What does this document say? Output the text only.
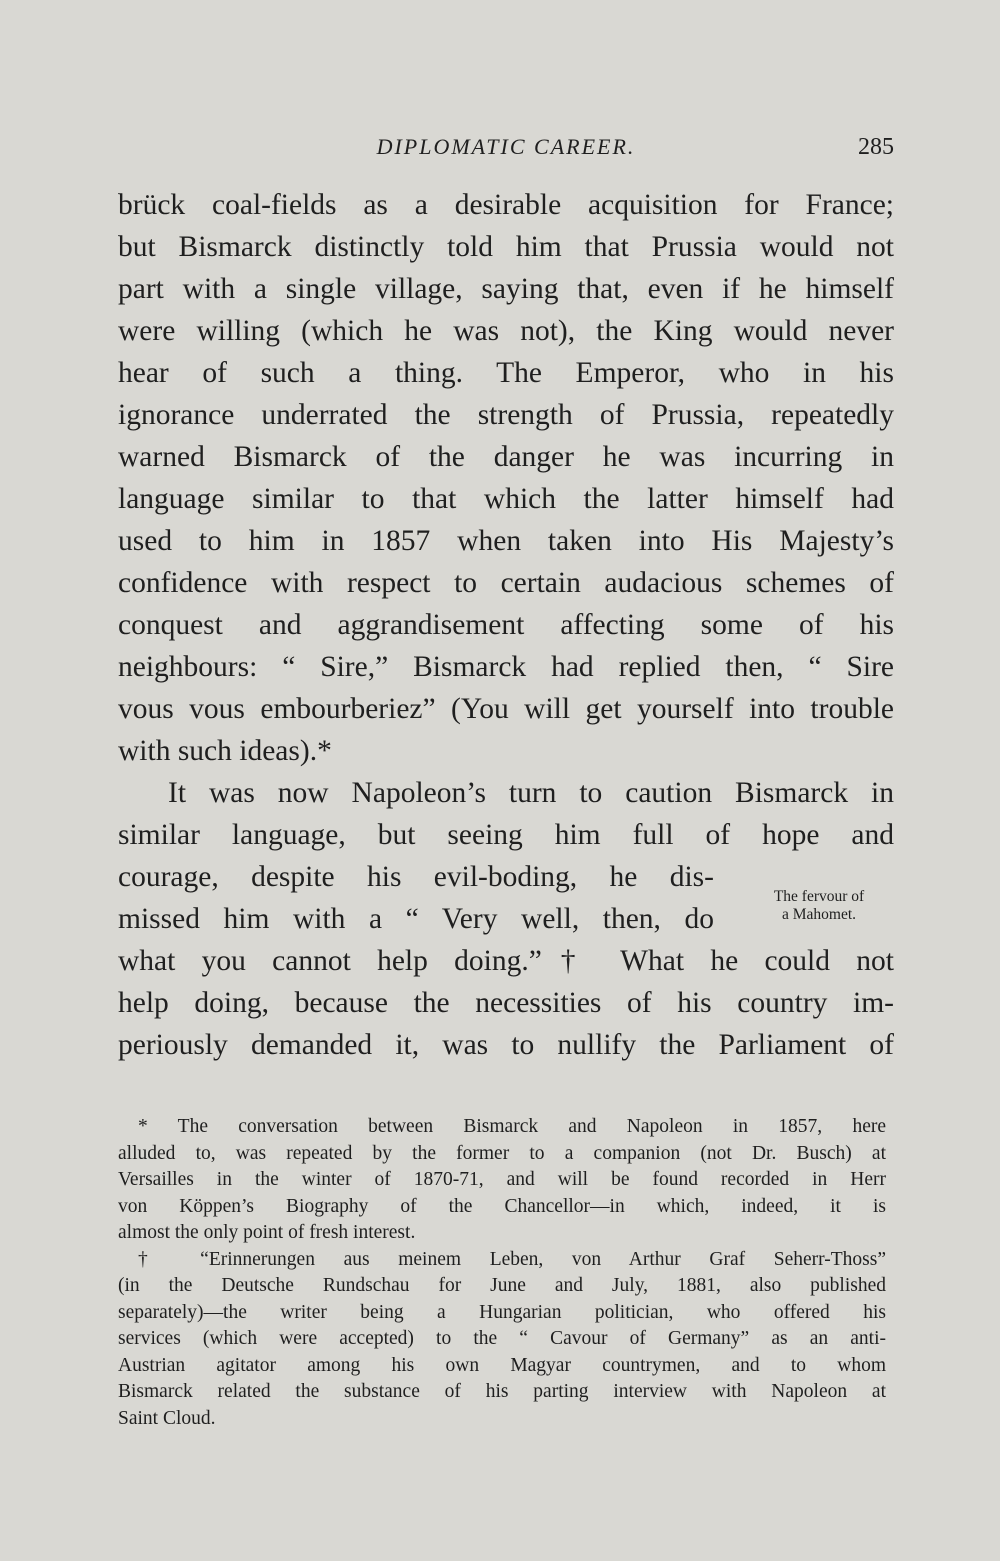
DIPLOMATIC CAREER.	285
brück coal-fields as a desirable acquisition for France;
but Bismarck distinctly told him that Prussia would not
part with a single village, saying that, even if he himself
were willing (which he was not), the King would never
hear of such a thing. The Emperor, who in his
ignorance underrated the strength of Prussia, repeatedly
warned Bismarck of the danger he was incurring in
language similar to that which the latter himself had
used to him in 1857 when taken into His Majesty’s
confidence with respect to certain audacious schemes of
conquest and aggrandisement affecting some of his
neighbours: “ Sire,” Bismarck had replied then, “ Sire
vous vous embourberiez” (You will get yourself into trouble
with such ideas).*
It was now Napoleon’s turn to caution Bismarck in
similar language, but seeing him full of hope and
courage, despite his evil-boding, he dis-
missed him with a “ Very well, then, do
what you cannot help doing.”† What he could not
help doing, because the necessities of his country im-
periously demanded it, was to nullify the Parliament of
The fervour of
a Mahomet.
* The conversation between Bismarck and Napoleon in 1857, here
alluded to, was repeated by the former to a companion (not Dr. Busch) at
Versailles in the winter of 1870-71, and will be found recorded in Herr
von Köppen’s Biography of the Chancellor—in which, indeed, it is
almost the only point of fresh interest.
† “Erinnerungen aus meinem Leben, von Arthur Graf Seherr-Thoss”
(in the Deutsche Rundschau for June and July, 1881, also published
separately)—the writer being a Hungarian politician, who offered his
services (which were accepted) to the “ Cavour of Germany” as an anti-
Austrian agitator among his own Magyar countrymen, and to whom
Bismarck related the substance of his parting interview with Napoleon at
Saint Cloud.
